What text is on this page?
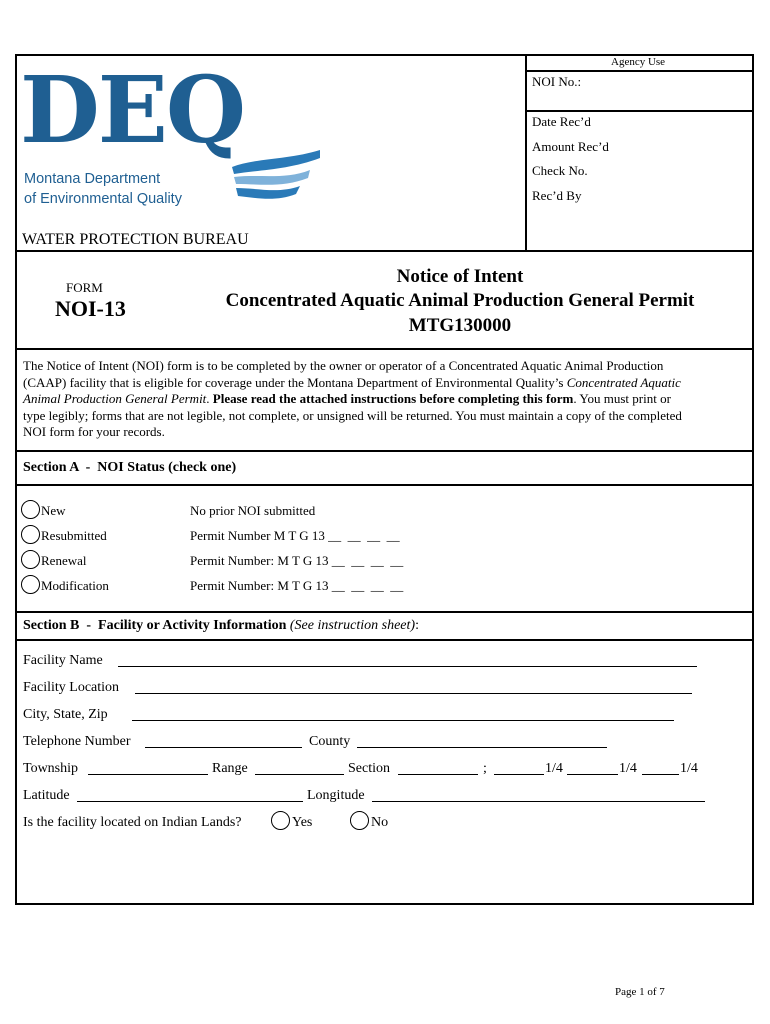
DEQ
Montana Department
of Environmental Quality
Agency Use
NOI No.:
Date Rec’d
Amount Rec’d
Check No.
Rec’d By
WATER PROTECTION BUREAU
FORM
NOI-13
Notice of Intent
Concentrated Aquatic Animal Production General Permit
MTG130000
The Notice of Intent (NOI) form is to be completed by the owner or operator of a Concentrated Aquatic Animal Production
(CAAP) facility that is eligible for coverage under the Montana Department of Environmental Quality’s Concentrated Aquatic
Animal Production General Permit. Please read the attached instructions before completing this form. You must print or
type legibly; forms that are not legible, not complete, or unsigned will be returned. You must maintain a copy of the completed
NOI form for your records.
Section A  -  NOI Status (check one)
New	No prior NOI submitted
Resubmitted	Permit Number M T G 13 __  __  __  __
Renewal	Permit Number: M T G 13 __  __  __  __
Modification	Permit Number: M T G 13 __  __  __  __
Section B  -  Facility or Activity Information (See instruction sheet):
Facility Name
Facility Location
City, State, Zip
Telephone Number	County
Township	Range	Section	;	1/4	1/4	1/4
Latitude	Longitude
Is the facility located on Indian Lands?	Yes	No
Page 1 of 7
